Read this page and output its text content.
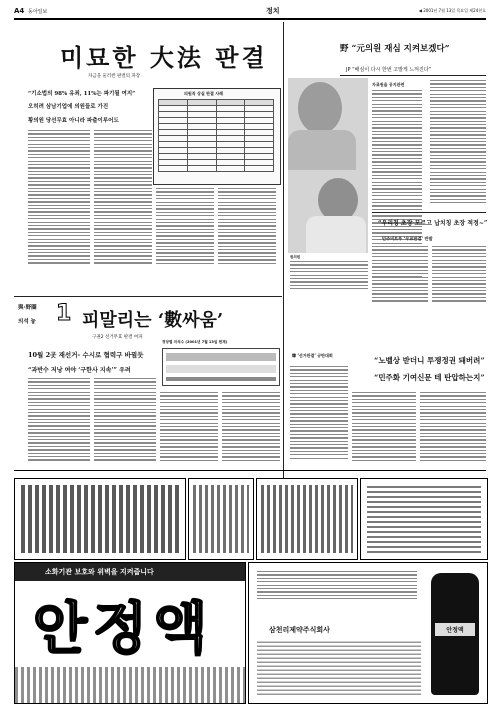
A4 동아일보	정치	◀ 2001년 7월 13일 목요일 제24천호
미묘한 大法 판결
자금을 둘러싼 판결의 파장
“기소법의 98% 유죄, 11%는 파기될 여지”
오히려 삼남기업에 의원들로 가진
황의원 당선무효 아니라 파출이루어도
의원직 상실 판결 사례

野 “元의원 재심 지켜보겠다”
JP “배심이 다시 한번 고발게 느껴진다”
원의원
자료원을 공지관련
“우리칭 초장 모르고 납치칭 초장 적정~”
민주비트푸 ‘무료판결’ 반발
與·野圈
의석 놓 1 피말리는 ‘數싸움’
구권2 선거무효 판결 여파
10월 2곳 재선거- 수시로 협력구 바뀔듯
“과반수 저낭 여야 ‘구한사 지속’” 우려
정당별 의석수 (2001년 7월 13일 현재)
韓 ‘선거판결’ 규탄대회
“노벨상 받더니 투쟁정권 돼버려”
“민주화 기여신문 테 탄압하는지”
소화기관 보호와 위벽을 지켜줍니다
안정액	삼천리제약주식회사	안정액
